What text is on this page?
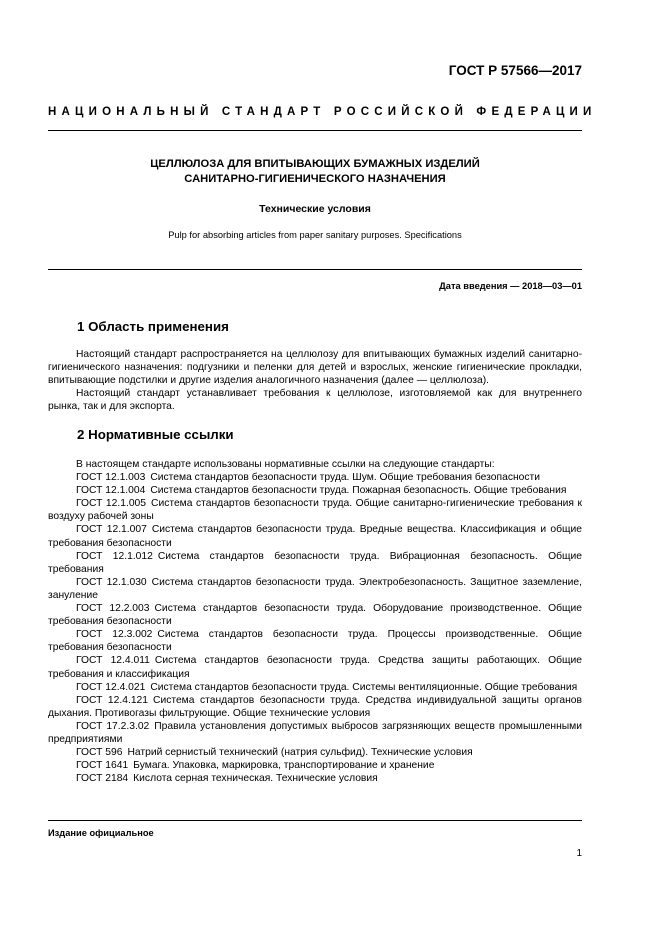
ГОСТ Р 57566—2017
НАЦИОНАЛЬНЫЙ СТАНДАРТ РОССИЙСКОЙ ФЕДЕРАЦИИ
ЦЕЛЛЮЛОЗА ДЛЯ ВПИТЫВАЮЩИХ БУМАЖНЫХ ИЗДЕЛИЙ
САНИТАРНО-ГИГИЕНИЧЕСКОГО НАЗНАЧЕНИЯ
Технические условия
Pulp for absorbing articles from paper sanitary purposes. Specifications
Дата введения — 2018—03—01
1 Область применения

Настоящий стандарт распространяется на целлюлозу для впитывающих бумажных изделий санитарно-гигиенического назначения: подгузники и пеленки для детей и взрослых, женские гигиенические прокладки, впитывающие подстилки и другие изделия аналогичного назначения (далее — целлюлоза).

Настоящий стандарт устанавливает требования к целлюлозе, изготовляемой как для внутреннего рынка, так и для экспорта.

2 Нормативные ссылки

В настоящем стандарте использованы нормативные ссылки на следующие стандарты:

ГОСТ 12.1.003 Система стандартов безопасности труда. Шум. Общие требования безопасности

ГОСТ 12.1.004 Система стандартов безопасности труда. Пожарная безопасность. Общие требования

ГОСТ 12.1.005 Система стандартов безопасности труда. Общие санитарно-гигиенические требования к воздуху рабочей зоны

ГОСТ 12.1.007 Система стандартов безопасности труда. Вредные вещества. Классификация и общие требования безопасности

ГОСТ 12.1.012 Система стандартов безопасности труда. Вибрационная безопасность. Общие требования

ГОСТ 12.1.030 Система стандартов безопасности труда. Электробезопасность. Защитное заземление, зануление

ГОСТ 12.2.003 Система стандартов безопасности труда. Оборудование производственное. Общие требования безопасности

ГОСТ 12.3.002 Система стандартов безопасности труда. Процессы производственные. Общие требования безопасности

ГОСТ 12.4.011 Система стандартов безопасности труда. Средства защиты работающих. Общие требования и классификация

ГОСТ 12.4.021 Система стандартов безопасности труда. Системы вентиляционные. Общие требования

ГОСТ 12.4.121 Система стандартов безопасности труда. Средства индивидуальной защиты органов дыхания. Противогазы фильтрующие. Общие технические условия

ГОСТ 17.2.3.02 Правила установления допустимых выбросов загрязняющих веществ промышленными предприятиями

ГОСТ 596 Натрий сернистый технический (натрия сульфид). Технические условия

ГОСТ 1641 Бумага. Упаковка, маркировка, транспортирование и хранение

ГОСТ 2184 Кислота серная техническая. Технические условия

Издание официальное
1
